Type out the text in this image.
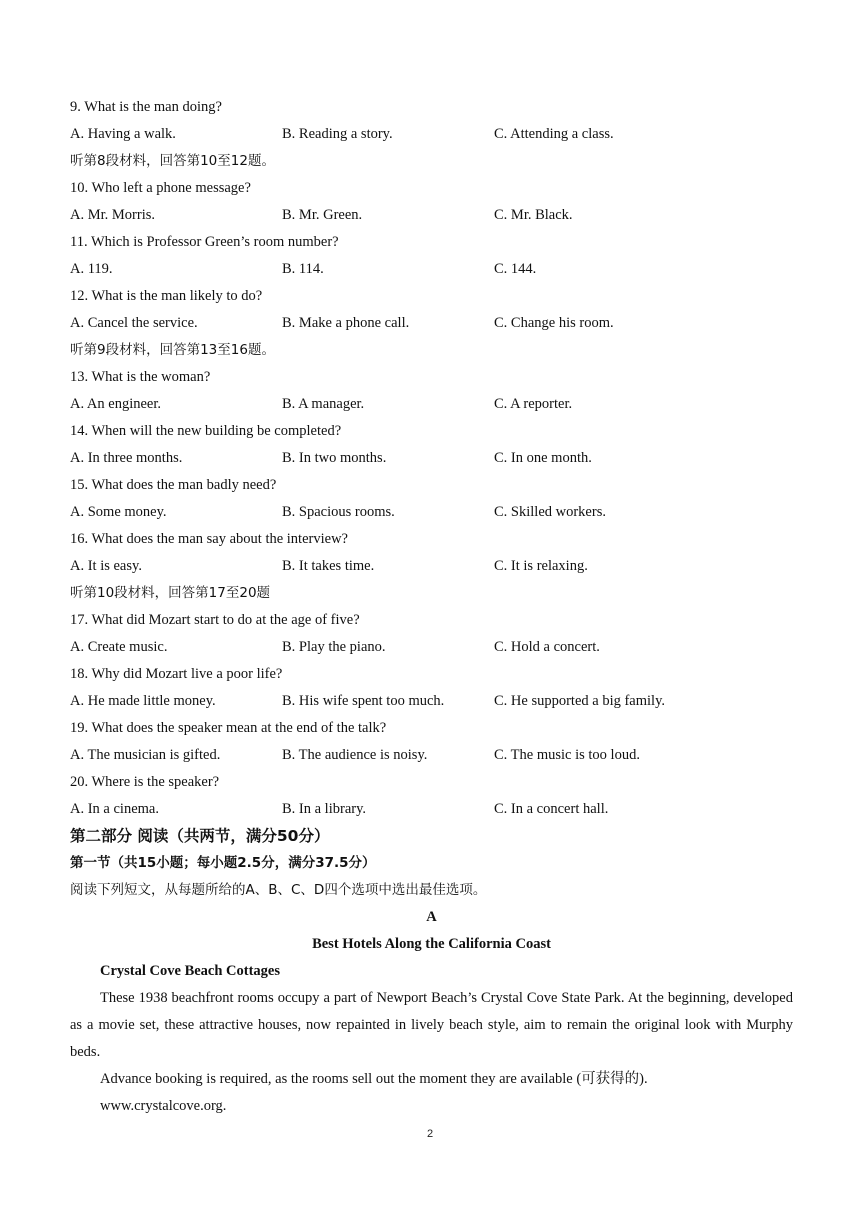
9. What is the man doing?
A. Having a walk.	B. Reading a story.	C. Attending a class.
听第8段材料，回答第10至12题。
10. Who left a phone message?
A. Mr. Morris.	B. Mr. Green.	C. Mr. Black.
11. Which is Professor Green’s room number?
A. 119.	B. 114.	C. 144.
12. What is the man likely to do?
A. Cancel the service.	B. Make a phone call.	C. Change his room.
听第9段材料，回答第13至16题。
13. What is the woman?
A. An engineer.	B. A manager.	C. A reporter.
14. When will the new building be completed?
A. In three months.	B. In two months.	C. In one month.
15. What does the man badly need?
A. Some money.	B. Spacious rooms.	C. Skilled workers.
16. What does the man say about the interview?
A. It is easy.	B. It takes time.	C. It is relaxing.
听第10段材料，回答第17至20题
17. What did Mozart start to do at the age of five?
A. Create music.	B. Play the piano.	C. Hold a concert.
18. Why did Mozart live a poor life?
A. He made little money.	B. His wife spent too much.	C. He supported a big family.
19. What does the speaker mean at the end of the talk?
A. The musician is gifted.	B. The audience is noisy.	C. The music is too loud.
20. Where is the speaker?
A. In a cinema.	B. In a library.	C. In a concert hall.
第二部分 阅读（共两节，满分50分）
第一节（共15小题；每小题2.5分，满分37.5分）
阅读下列短文，从每题所给的A、B、C、D四个选项中选出最佳选项。
A
Best Hotels Along the California Coast
Crystal Cove Beach Cottages
These 1938 beachfront rooms occupy a part of Newport Beach’s Crystal Cove State Park. At the beginning, developed as a movie set, these attractive houses, now repainted in lively beach style, aim to remain the original look with Murphy beds.
Advance booking is required, as the rooms sell out the moment they are available (可获得的).
www.crystalcove.org.
2
